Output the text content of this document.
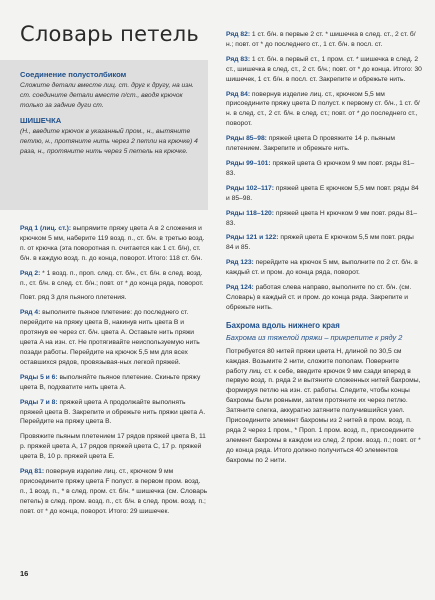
Словарь петель
Соединение полустолбиком
Сложите детали вместе лиц. ст. друг к другу, на изн. ст. соедините детали вместе п/ст., вводя крючок только за задние дуги ст.
ШИШЕЧКА
(Н., введите крючок в указанный пром., н., вытяните петлю, н., протяните нить через 2 петли на крючке) 4 раза, н., протяните нить через 5 петель на крючке.

Ряд 1 (лиц. ст.): выпрямите пряжу цвета A в 2 сложения и крючком 5 мм, наберите 119 возд. п., ст. б/н. в третью возд. п. от крючка (эта поворотная п. считается как 1 ст. б/н), ст. б/н. в каждую возд. п. до конца, поворот. Итого: 118 ст. б/н.

Ряд 2: * 1 возд. п., проп. след. ст. б/н., ст. б/н. в след. возд. п., ст. б/н. в след. ст. б/н.; повт. от * до конца ряда, поворот.

Повт. ряд 3 для пьяного плетения.

Ряд 4: выполните пьяное плетение: до последнего ст. перейдите на пряжу цвета B, накинув нить цвета B и протянув ее через ст. б/н. цвета A. Оставьте нить пряжи цвета A на изн. ст. Не протягивайте неиспользуемую нить позади работы. Перейдите на крючок 5,5 мм для всех оставшихся рядов, провязывая-ных легкой пряжей.

Ряды 5 и 6: выполняйте пьяное плетение. Скиньте пряжу цвета B, подхватите нить цвета A.

Ряды 7 и 8: пряжей цвета A продолжайте выполнять пряжей цвета B. Закрепите и обрежьте нить пряжи цвета A. Перейдите на пряжу цвета B.

Провяжите пьяным плетением 17 рядов пряжей цвета B, 11 р. пряжей цвета A, 17 рядов пряжей цвета C, 17 р. пряжей цвета B, 10 р. пряжей цвета E.

Ряд 81: повернув изделие лиц. ст., крючком 9 мм присоедините пряжу цвета F полуст. в первом пром. возд. п., 1 возд. п., * в след. пром. ст. б/н. * шишечка (см. Словарь петель) в след. пром. возд. п., ст. б/н. в след. пром. возд. п.; повт. от * до конца, поворот. Итого: 29 шишечек.

Ряд 82: 1 ст. б/н. в первые 2 ст. * шишечка в след. ст., 2 ст. б/н.; повт. от * до последнего ст., 1 ст. б/н. в посл. ст.

Ряд 83: 1 ст. б/н. в первый ст., 1 пром. ст. * шишечка в след. 2 ст., шишечка в след. ст., 2 ст. б/н.; повт. от * до конца. Итого: 30 шишечек, 1 ст. б/н. в посл. ст. Закрепите и обрежьте нить.

Ряд 84: повернув изделие лиц. ст., крючком 5,5 мм присоедините пряжу цвета D полуст. к первому ст. б/н., 1 ст. б/н. в след. ст., 2 ст. б/н. в след. ст.; повт. от * до последнего ст., поворот.

Ряды 85–98: пряжей цвета D провяжите 14 р. пьяным плетением. Закрепите и обрежьте нить.

Ряды 99–101: пряжей цвета G крючком 9 мм повт. ряды 81–83.

Ряды 102–117: пряжей цвета E крючком 5,5 мм повт. ряды 84 и 85–98.

Ряды 118–120: пряжей цвета H крючком 9 мм повт. ряды 81–83.

Ряды 121 и 122: пряжей цвета E крючком 5,5 мм повт. ряды 84 и 85.

Ряд 123: перейдите на крючок 5 мм, выполните по 2 ст. б/н. в каждый ст. и пром. до конца ряда, поворот.

Ряд 124: работая слева направо, выполните по ст. б/н. (см. Словарь) в каждый ст. и пром. до конца ряда. Закрепите и обрежьте нить.

Бахрома вдоль нижнего края
Бахрома из тяжелой пряжи – прикрепите к ряду 2

Потребуется 80 нитей пряжи цвета H, длиной по 30,5 см каждая. Возьмите 2 нити, сложите пополам. Поверните работу лиц. ст. к себе, введите крючок 9 мм сзади вперед в первую возд. п. ряда 2 и вытяните сложенных нитей бахромы, формируя петлю на изн. ст. работы. Следите, чтобы концы бахромы были ровными, затем протяните их через петлю. Затяните слегка, аккуратно затяните получившийся узел. Присоедините элемент бахромы из 2 нитей в пром. возд. п. ряда 2 через 1 пром., * Проп. 1 пром. возд. п., присоедините элемент бахромы в каждом из след. 2 пром. возд. п.; повт. от * до конца ряда. Итого должно получиться 40 элементов бахромы по 2 нити.

16
